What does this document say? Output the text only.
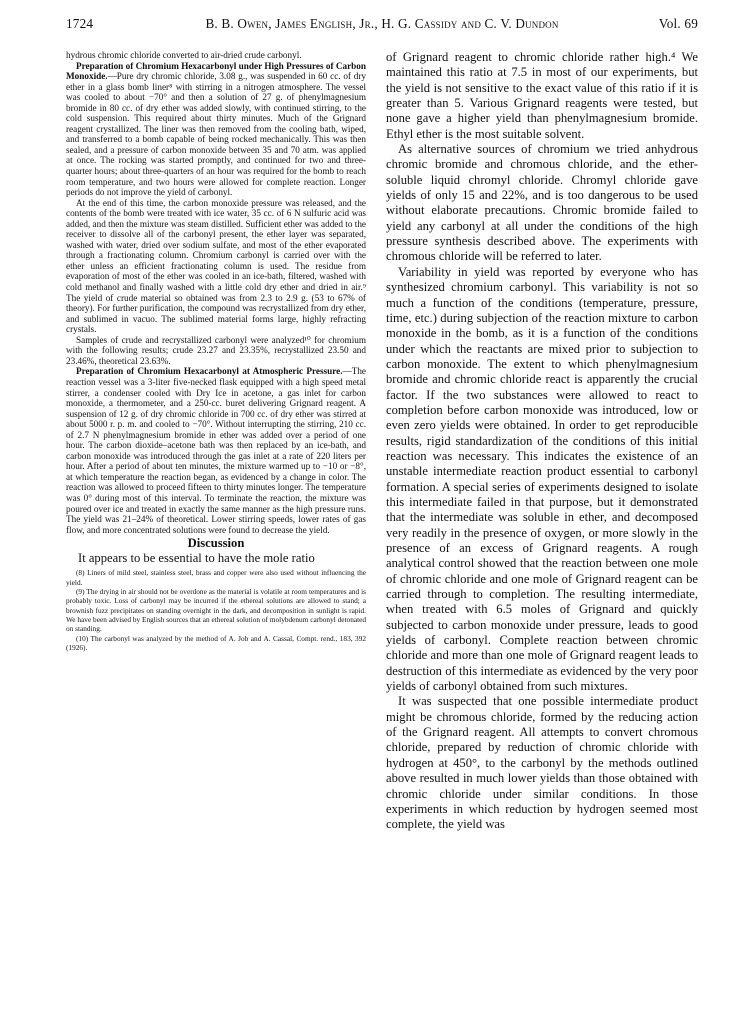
1724	B. B. Owen, James English, Jr., H. G. Cassidy and C. V. Dundon	Vol. 69

hydrous chromic chloride converted to air-dried crude carbonyl.

Preparation of Chromium Hexacarbonyl under High Pressures of Carbon Monoxide.—Pure dry chromic chloride, 3.08 g., was suspended in 60 cc. of dry ether in a glass bomb liner⁸ with stirring in a nitrogen atmosphere. The vessel was cooled to about −70° and then a solution of 27 g. of phenylmagnesium bromide in 80 cc. of dry ether was added slowly, with continued stirring, to the cold suspension. This required about thirty minutes. Much of the Grignard reagent crystallized. The liner was then removed from the cooling bath, wiped, and transferred to a bomb capable of being rocked mechanically. This was then sealed, and a pressure of carbon monoxide between 35 and 70 atm. was applied at once. The rocking was started promptly, and continued for two and three-quarter hours; about three-quarters of an hour was required for the bomb to reach room temperature, and two hours were allowed for complete reaction. Longer periods do not improve the yield of carbonyl.

At the end of this time, the carbon monoxide pressure was released, and the contents of the bomb were treated with ice water, 35 cc. of 6 N sulfuric acid was added, and then the mixture was steam distilled. Sufficient ether was added to the receiver to dissolve all of the carbonyl present, the ether layer was separated, washed with water, dried over sodium sulfate, and most of the ether evaporated through a fractionating column. Chromium carbonyl is carried over with the ether unless an efficient fractionating column is used. The residue from evaporation of most of the ether was cooled in an ice-bath, filtered, washed with cold methanol and finally washed with a little cold dry ether and dried in air.⁹ The yield of crude material so obtained was from 2.3 to 2.9 g. (53 to 67% of theory). For further purification, the compound was recrystallized from dry ether, and sublimed in vacuo. The sublimed material forms large, highly refracting crystals.

Samples of crude and recrystallized carbonyl were analyzed¹⁰ for chromium with the following results; crude 23.27 and 23.35%, recrystallized 23.50 and 23.46%, theoretical 23.63%.

Preparation of Chromium Hexacarbonyl at Atmospheric Pressure.—The reaction vessel was a 3-liter five-necked flask equipped with a high speed metal stirrer, a condenser cooled with Dry Ice in acetone, a gas inlet for carbon monoxide, a thermometer, and a 250-cc. buret delivering Grignard reagent. A suspension of 12 g. of dry chromic chloride in 700 cc. of dry ether was stirred at about 5000 r. p. m. and cooled to −70°. Without interrupting the stirring, 210 cc. of 2.7 N phenylmagnesium bromide in ether was added over a period of one hour. The carbon dioxide–acetone bath was then replaced by an ice-bath, and carbon monoxide was introduced through the gas inlet at a rate of 220 liters per hour. After a period of about ten minutes, the mixture warmed up to −10 or −8°, at which temperature the reaction began, as evidenced by a change in color. The reaction was allowed to proceed fifteen to thirty minutes longer. The temperature was 0° during most of this interval. To terminate the reaction, the mixture was poured over ice and treated in exactly the same manner as the high pressure runs. The yield was 21–24% of theoretical. Lower stirring speeds, lower rates of gas flow, and more concentrated solutions were found to decrease the yield.

Discussion

It appears to be essential to have the mole ratio

(8) Liners of mild steel, stainless steel, brass and copper were also used without influencing the yield.

(9) The drying in air should not be overdone as the material is volatile at room temperatures and is probably toxic. Loss of carbonyl may be incurred if the ethereal solutions are allowed to stand; a brownish fuzz precipitates on standing overnight in the dark, and decomposition in sunlight is rapid. We have been advised by English sources that an ethereal solution of molybdenum carbonyl detonated on standing.

(10) The carbonyl was analyzed by the method of A. Job and A. Cassal, Compt. rend., 183, 392 (1926).

of Grignard reagent to chromic chloride rather high.⁴ We maintained this ratio at 7.5 in most of our experiments, but the yield is not sensitive to the exact value of this ratio if it is greater than 5. Various Grignard reagents were tested, but none gave a higher yield than phenylmagnesium bromide. Ethyl ether is the most suitable solvent.

As alternative sources of chromium we tried anhydrous chromic bromide and chromous chloride, and the ether-soluble liquid chromyl chloride. Chromyl chloride gave yields of only 15 and 22%, and is too dangerous to be used without elaborate precautions. Chromic bromide failed to yield any carbonyl at all under the conditions of the high pressure synthesis described above. The experiments with chromous chloride will be referred to later.

Variability in yield was reported by everyone who has synthesized chromium carbonyl. This variability is not so much a function of the conditions (temperature, pressure, time, etc.) during subjection of the reaction mixture to carbon monoxide in the bomb, as it is a function of the conditions under which the reactants are mixed prior to subjection to carbon monoxide. The extent to which phenylmagnesium bromide and chromic chloride react is apparently the crucial factor. If the two substances were allowed to react to completion before carbon monoxide was introduced, low or even zero yields were obtained. In order to get reproducible results, rigid standardization of the conditions of this initial reaction was necessary. This indicates the existence of an unstable intermediate reaction product essential to carbonyl formation. A special series of experiments designed to isolate this intermediate failed in that purpose, but it demonstrated that the intermediate was soluble in ether, and decomposed very readily in the presence of oxygen, or more slowly in the presence of an excess of Grignard reagents. A rough analytical control showed that the reaction between one mole of chromic chloride and one mole of Grignard reagent can be carried through to completion. The resulting intermediate, when treated with 6.5 moles of Grignard and quickly subjected to carbon monoxide under pressure, leads to good yields of carbonyl. Complete reaction between chromic chloride and more than one mole of Grignard reagent leads to destruction of this intermediate as evidenced by the very poor yields of carbonyl obtained from such mixtures.

It was suspected that one possible intermediate product might be chromous chloride, formed by the reducing action of the Grignard reagent. All attempts to convert chromous chloride, prepared by reduction of chromic chloride with hydrogen at 450°, to the carbonyl by the methods outlined above resulted in much lower yields than those obtained with chromic chloride under similar conditions. In those experiments in which reduction by hydrogen seemed most complete, the yield was
